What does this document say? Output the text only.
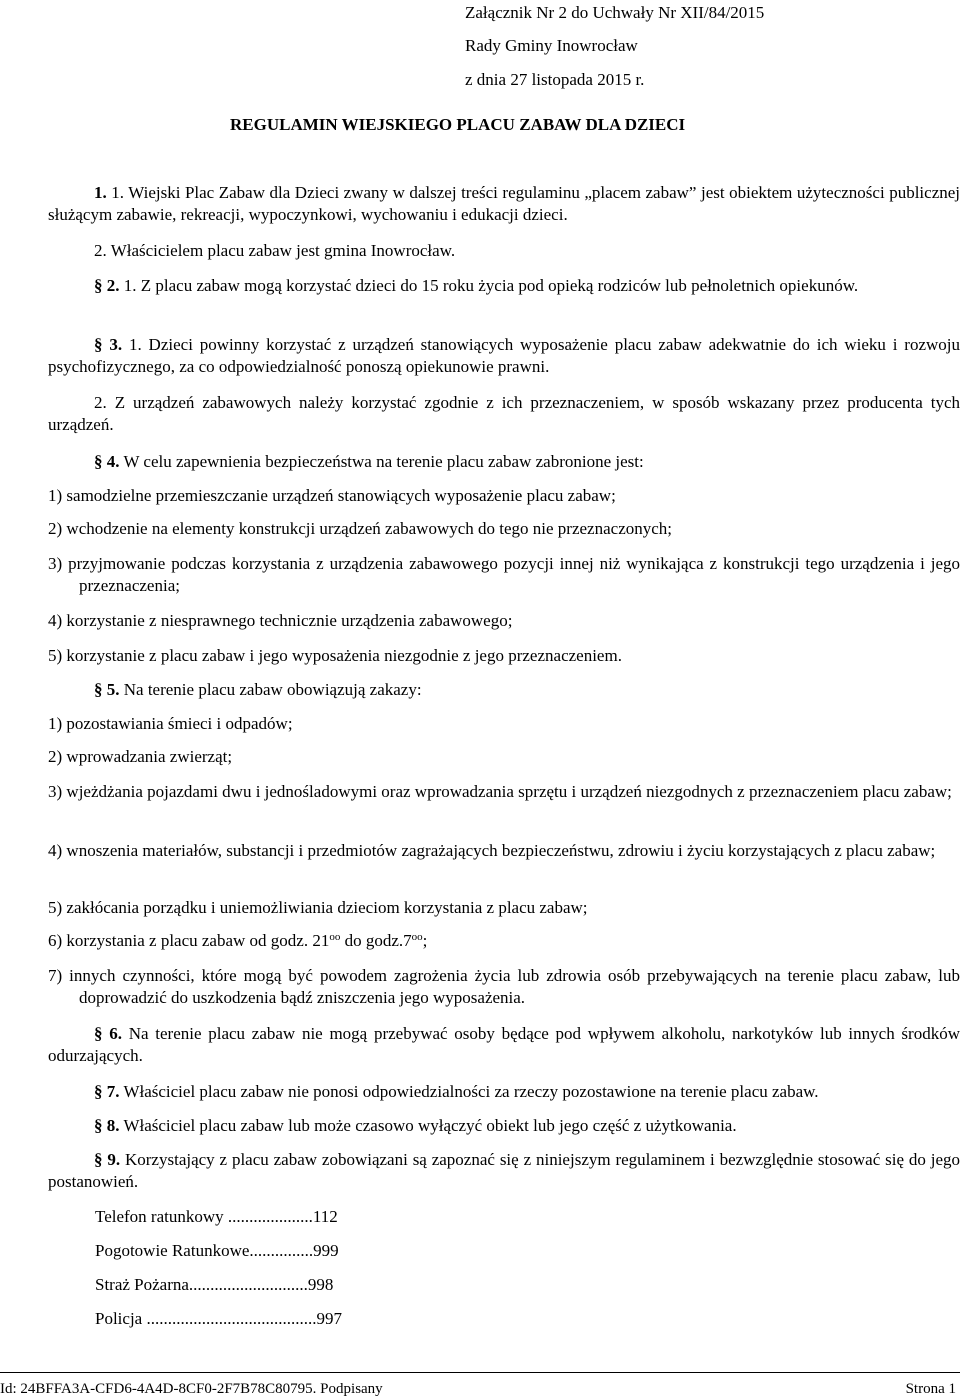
Załącznik Nr 2 do Uchwały Nr XII/84/2015

Rady Gminy Inowrocław

z dnia 27 listopada 2015 r.

REGULAMIN WIEJSKIEGO PLACU ZABAW DLA DZIECI

1. 1. Wiejski Plac Zabaw dla Dzieci zwany w dalszej treści regulaminu „placem zabaw” jest obiektem użyteczności publicznej służącym zabawie, rekreacji, wypoczynkowi, wychowaniu i edukacji dzieci.

2. Właścicielem placu zabaw jest gmina Inowrocław.

§ 2. 1. Z placu zabaw mogą korzystać dzieci do 15 roku życia pod opieką rodziców lub pełnoletnich opiekunów.

§ 3. 1. Dzieci powinny korzystać z urządzeń stanowiących wyposażenie placu zabaw adekwatnie do ich wieku i rozwoju psychofizycznego, za co odpowiedzialność ponoszą opiekunowie prawni.

2. Z urządzeń zabawowych należy korzystać zgodnie z ich przeznaczeniem, w sposób wskazany przez producenta tych urządzeń.

§ 4. W celu zapewnienia bezpieczeństwa na terenie placu zabaw zabronione jest:

1) samodzielne przemieszczanie urządzeń stanowiących wyposażenie placu zabaw;

2) wchodzenie na elementy konstrukcji urządzeń zabawowych do tego nie przeznaczonych;

3) przyjmowanie podczas korzystania z urządzenia zabawowego pozycji innej niż wynikająca z konstrukcji tego urządzenia i jego przeznaczenia;

4) korzystanie z niesprawnego technicznie urządzenia zabawowego;

5) korzystanie z placu zabaw i jego wyposażenia niezgodnie z jego przeznaczeniem.

§ 5. Na terenie placu zabaw obowiązują zakazy:

1) pozostawiania śmieci i odpadów;

2) wprowadzania zwierząt;

3) wjeżdżania pojazdami dwu i jednośladowymi oraz wprowadzania sprzętu i urządzeń niezgodnych z przeznaczeniem placu zabaw;

4) wnoszenia materiałów, substancji i przedmiotów zagrażających bezpieczeństwu, zdrowiu i życiu korzystających z placu zabaw;

5) zakłócania porządku i uniemożliwiania dzieciom korzystania z placu zabaw;

6) korzystania z placu zabaw od godz. $21^{oo}$ do $godz.7^{oo}$;

7) innych czynności, które mogą być powodem zagrożenia życia lub zdrowia osób przebywających na terenie placu zabaw, lub doprowadzić do uszkodzenia bądź zniszczenia jego wyposażenia.

§ 6. Na terenie placu zabaw nie mogą przebywać osoby będące pod wpływem alkoholu, narkotyków lub innych środków odurzających.

§ 7. Właściciel placu zabaw nie ponosi odpowiedzialności za rzeczy pozostawione na terenie placu zabaw.

§ 8. Właściciel placu zabaw lub może czasowo wyłączyć obiekt lub jego część z użytkowania.

§ 9. Korzystający z placu zabaw zobowiązani są zapoznać się z niniejszym regulaminem i bezwzględnie stosować się do jego postanowień.

Telefon ratunkowy ....................112

Pogotowie Ratunkowe...............999

Straż Pożarna............................998

Policja ........................................997

Id: 24BFFA3A-CFD6-4A4D-8CF0-2F7B78C80795. Podpisany	Strona 1
